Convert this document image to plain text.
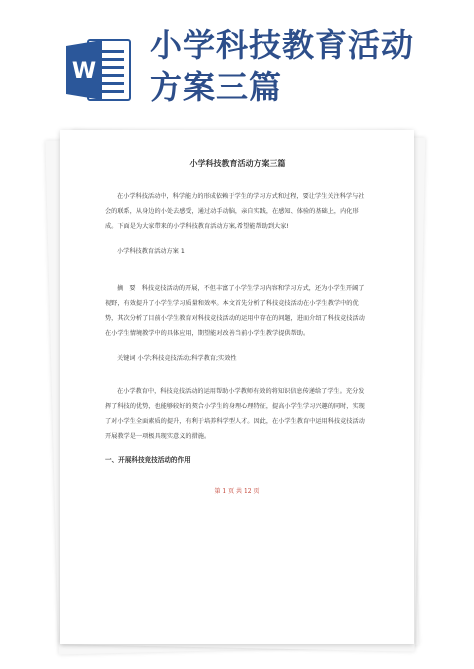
W
小学科技教育活动
方案三篇
小学科技教育活动方案三篇

在小学科技活动中，科学能力的形成依赖于学生的学习方式和过程，要让学生关注科学与社会的联系，从身边的小处去感受，通过动手动脑，亲自实践，在感知、体验的基础上，内化形成。下面是为大家带来的小学科技教育活动方案,希望能帮助到大家!

小学科技教育活动方案 1

摘　要　科技竞技活动的开展，不但丰富了小学生学习内容和学习方式，还为小学生开阔了视野，有效提升了小学生学习质量和效率。本文首先分析了科技竞技活动在小学生教学中的优势，其次分析了目前小学生教育对科技竞技活动的运用中存在的问题，进而介绍了科技竞技活动在小学生情境教学中的具体应用，期望能对改善当前小学生教学提供帮助。

关键词 小学;科技竞技活动;科学教育;实效性

在小学教育中，科技竞技活动的运用帮助小学教师有效的将知识信息传递给了学生。充分发挥了科技的优势，也能够较好的契合小学生的身理心理特征，提高小学生学习兴趣的同时，实现了对小学生全面素质的提升，有利于培养科学型人才。因此，在小学生教育中运用科技竞技活动开展教学是一项极具现实意义的措施。

一、开展科技竞技活动的作用
第 1 页 共 12 页
